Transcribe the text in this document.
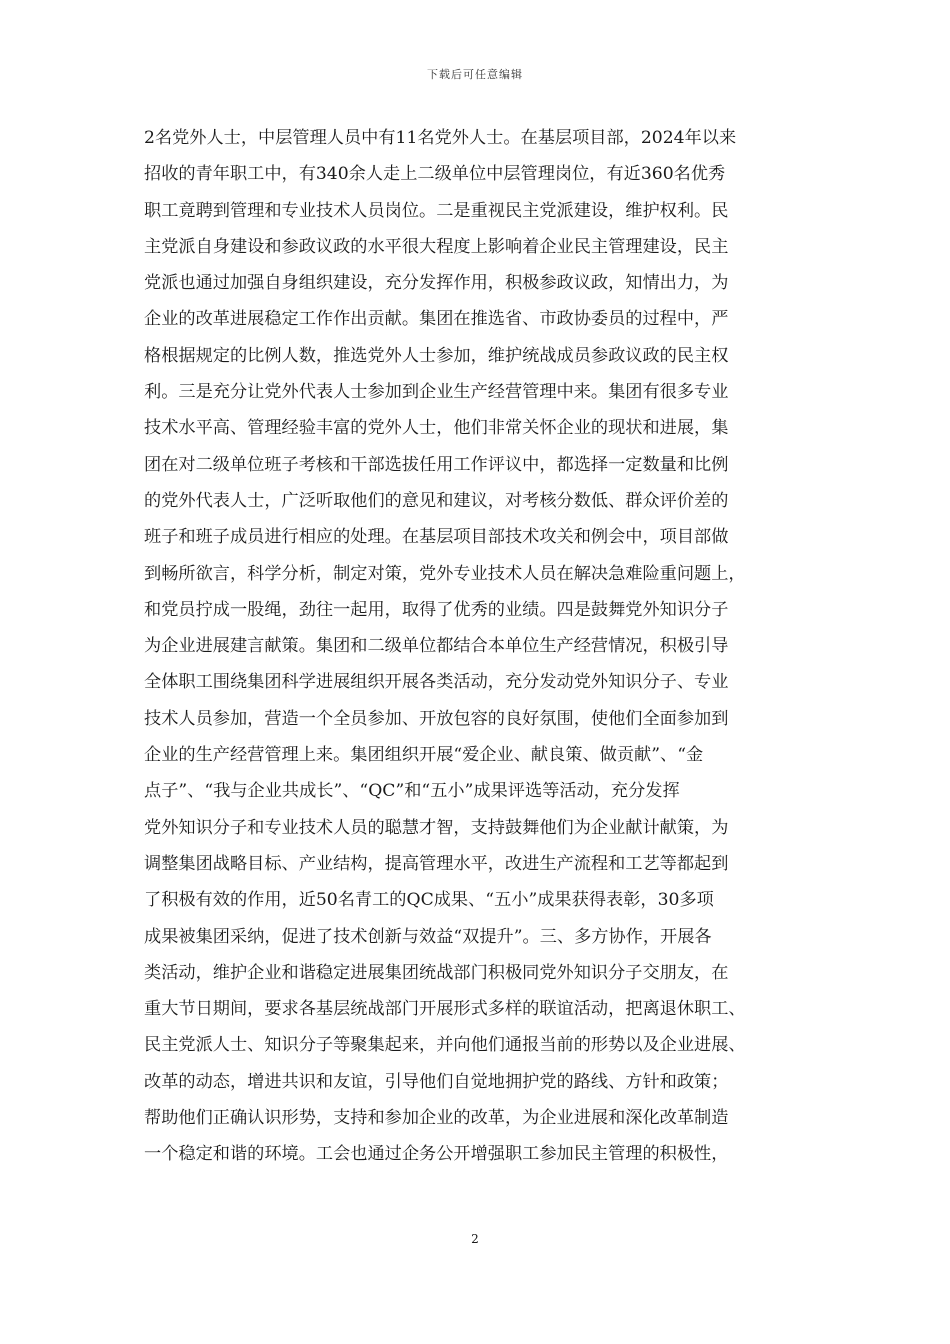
下载后可任意编辑
2名党外人士，中层管理人员中有11名党外人士。在基层项目部，2024年以来
招收的青年职工中，有340余人走上二级单位中层管理岗位，有近360名优秀
职工竟聘到管理和专业技术人员岗位。二是重视民主党派建设，维护权利。民
主党派自身建设和参政议政的水平很大程度上影响着企业民主管理建设，民主
党派也通过加强自身组织建设，充分发挥作用，积极参政议政，知情出力，为
企业的改革进展稳定工作作出贡献。集团在推选省、市政协委员的过程中，严
格根据规定的比例人数，推选党外人士参加，维护统战成员参政议政的民主权
利。三是充分让党外代表人士参加到企业生产经营管理中来。集团有很多专业
技术水平高、管理经验丰富的党外人士，他们非常关怀企业的现状和进展，集
团在对二级单位班子考核和干部选拔任用工作评议中，都选择一定数量和比例
的党外代表人士，广泛听取他们的意见和建议，对考核分数低、群众评价差的
班子和班子成员进行相应的处理。在基层项目部技术攻关和例会中，项目部做
到畅所欲言，科学分析，制定对策，党外专业技术人员在解决急难险重问题上，
和党员拧成一股绳，劲往一起用，取得了优秀的业绩。四是鼓舞党外知识分子
为企业进展建言献策。集团和二级单位都结合本单位生产经营情况，积极引导
全体职工围绕集团科学进展组织开展各类活动，充分发动党外知识分子、专业
技术人员参加，营造一个全员参加、开放包容的良好氛围，使他们全面参加到
企业的生产经营管理上来。集团组织开展“爱企业、献良策、做贡献”、“金
点子”、“我与企业共成长”、“QC”和“五小”成果评选等活动，充分发挥
党外知识分子和专业技术人员的聪慧才智，支持鼓舞他们为企业献计献策，为
调整集团战略目标、产业结构，提高管理水平，改进生产流程和工艺等都起到
了积极有效的作用，近50名青工的QC成果、“五小”成果获得表彰，30多项
成果被集团采纳，促进了技术创新与效益“双提升”。三、多方协作，开展各
类活动，维护企业和谐稳定进展集团统战部门积极同党外知识分子交朋友，在
重大节日期间，要求各基层统战部门开展形式多样的联谊活动，把离退休职工、
民主党派人士、知识分子等聚集起来，并向他们通报当前的形势以及企业进展、
改革的动态，增进共识和友谊，引导他们自觉地拥护党的路线、方针和政策；
帮助他们正确认识形势，支持和参加企业的改革，为企业进展和深化改革制造
一个稳定和谐的环境。工会也通过企务公开增强职工参加民主管理的积极性，
2
